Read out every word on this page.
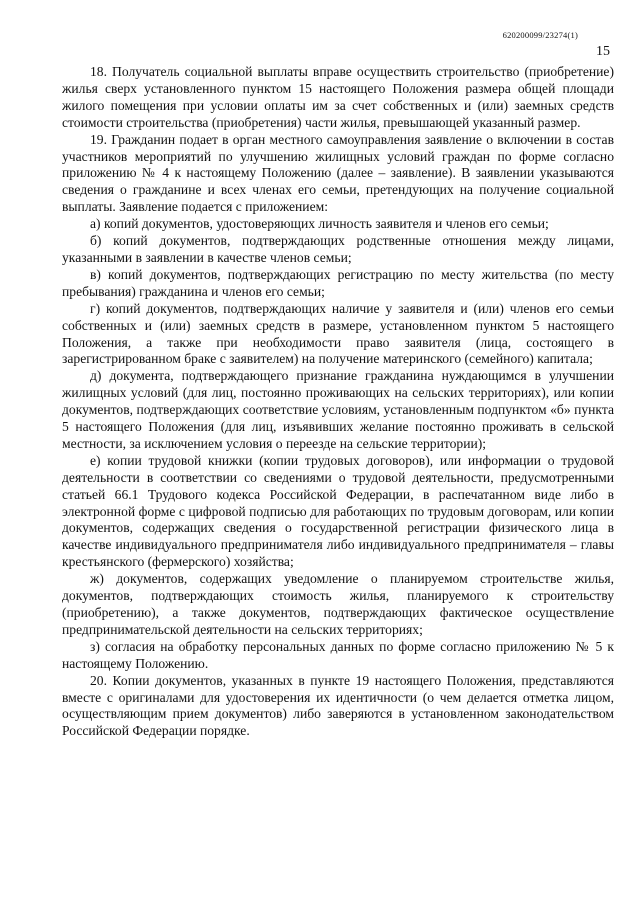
620200099/23274(1)
15

18. Получатель социальной выплаты вправе осуществить строительство (приобретение) жилья сверх установленного пунктом 15 настоящего Положения размера общей площади жилого помещения при условии оплаты им за счет собственных и (или) заемных средств стоимости строительства (приобретения) части жилья, превышающей указанный размер.

19. Гражданин подает в орган местного самоуправления заявление о включении в состав участников мероприятий по улучшению жилищных условий граждан по форме согласно приложению № 4 к настоящему Положению (далее – заявление). В заявлении указываются сведения о гражданине и всех членах его семьи, претендующих на получение социальной выплаты. Заявление подается с приложением:

а) копий документов, удостоверяющих личность заявителя и членов его семьи;

б) копий документов, подтверждающих родственные отношения между лицами, указанными в заявлении в качестве членов семьи;

в) копий документов, подтверждающих регистрацию по месту жительства (по месту пребывания) гражданина и членов его семьи;

г) копий документов, подтверждающих наличие у заявителя и (или) членов его семьи собственных и (или) заемных средств в размере, установленном пунктом 5 настоящего Положения, а также при необходимости право заявителя (лица, состоящего в зарегистрированном браке с заявителем) на получение материнского (семейного) капитала;

д) документа, подтверждающего признание гражданина нуждающимся в улучшении жилищных условий (для лиц, постоянно проживающих на сельских территориях), или копии документов, подтверждающих соответствие условиям, установленным подпунктом «б» пункта 5 настоящего Положения (для лиц, изъявивших желание постоянно проживать в сельской местности, за исключением условия о переезде на сельские территории);

е) копии трудовой книжки (копии трудовых договоров), или информации о трудовой деятельности в соответствии со сведениями о трудовой деятельности, предусмотренными статьей 66.1 Трудового кодекса Российской Федерации, в распечатанном виде либо в электронной форме с цифровой подписью для работающих по трудовым договорам, или копии документов, содержащих сведения о государственной регистрации физического лица в качестве индивидуального предпринимателя либо индивидуального предпринимателя – главы крестьянского (фермерского) хозяйства;

ж) документов, содержащих уведомление о планируемом строительстве жилья, документов, подтверждающих стоимость жилья, планируемого к строительству (приобретению), а также документов, подтверждающих фактическое осуществление предпринимательской деятельности на сельских территориях;

з) согласия на обработку персональных данных по форме согласно приложению № 5 к настоящему Положению.

20. Копии документов, указанных в пункте 19 настоящего Положения, представляются вместе с оригиналами для удостоверения их идентичности (о чем делается отметка лицом, осуществляющим прием документов) либо заверяются в установленном законодательством Российской Федерации порядке.
